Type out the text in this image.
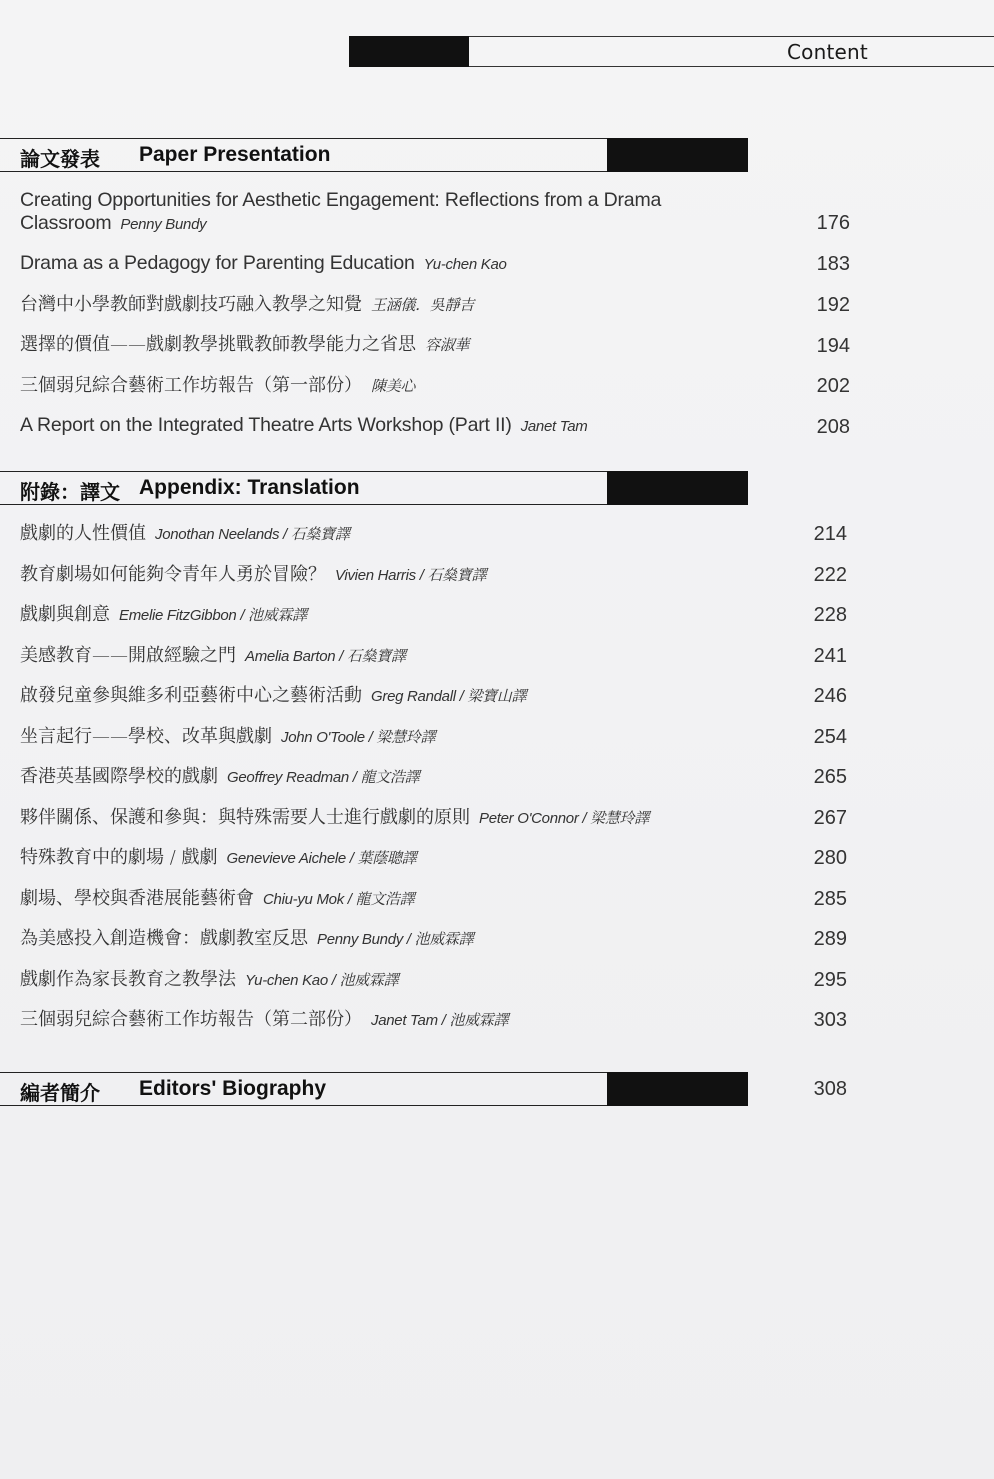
Content
論文發表 Paper Presentation
Creating Opportunities for Aesthetic Engagement: Reflections from a Drama
Classroom Penny Bundy	176
Drama as a Pedagogy for Parenting Education Yu-chen Kao	183
台灣中小學教師對戲劇技巧融入教學之知覺 王涵儀．吳靜吉	192
選擇的價值——戲劇教學挑戰教師教學能力之省思 容淑華	194
三個弱兒綜合藝術工作坊報告（第一部份） 陳美心	202
A Report on the Integrated Theatre Arts Workshop (Part II) Janet Tam	208
附錄：譯文 Appendix: Translation
戲劇的人性價值 Jonothan Neelands / 石燊寶譯	214
教育劇場如何能夠令青年人勇於冒險？ Vivien Harris / 石燊寶譯	222
戲劇與創意 Emelie FitzGibbon / 池威霖譯	228
美感教育——開啟經驗之門 Amelia Barton / 石燊寶譯	241
啟發兒童參與維多利亞藝術中心之藝術活動 Greg Randall / 梁寶山譯	246
坐言起行——學校、改革與戲劇 John O'Toole / 梁慧玲譯	254
香港英基國際學校的戲劇 Geoffrey Readman / 龍文浩譯	265
夥伴關係、保護和參與：與特殊需要人士進行戲劇的原則 Peter O'Connor / 梁慧玲譯	267
特殊教育中的劇場 / 戲劇 Genevieve Aichele / 葉蔭聰譯	280
劇場、學校與香港展能藝術會 Chiu-yu Mok / 龍文浩譯	285
為美感投入創造機會：戲劇教室反思 Penny Bundy / 池威霖譯	289
戲劇作為家長教育之教學法 Yu-chen Kao / 池威霖譯	295
三個弱兒綜合藝術工作坊報告（第二部份） Janet Tam / 池威霖譯	303
編者簡介 Editors' Biography	308
